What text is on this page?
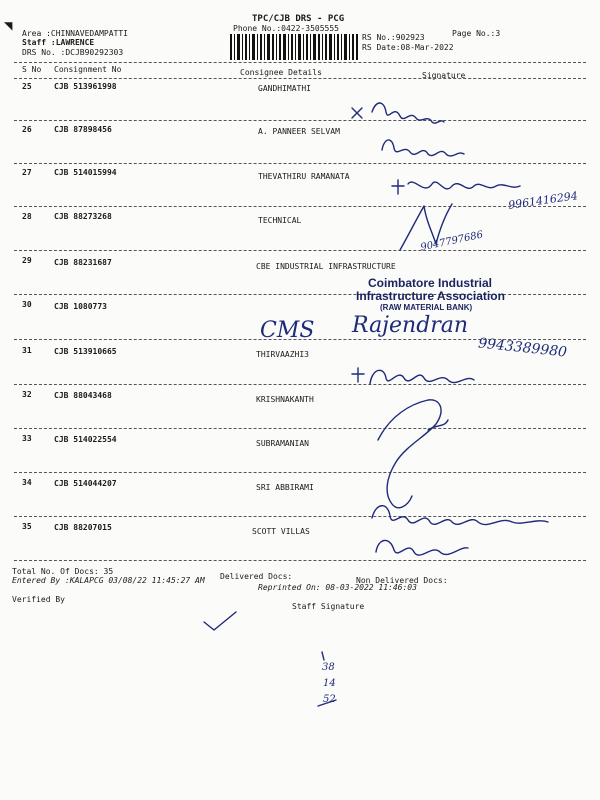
◥	TPC/CJB DRS - PCG
Phone No.:0422-3505555
Area :CHINNAVEDAMPATTI
Staff :LAWRENCE
DRS No. :DCJB90292303
RS No.:902923
RS Date:08-Mar-2022
Page No.:3
S No Consignment No	Consignee Details	Signature
25	CJB 513961998	GANDHIMATHI
26	CJB 87898456	A. PANNEER SELVAM
27	CJB 514015994	THEVATHIRU RAMANATA
28	CJB 88273268	TECHNICAL
29	CJB 88231687	CBE INDUSTRIAL INFRASTRUCTURE
30	CJB 1080773
31	CJB 513910665	THIRVAAZHI3
32	CJB 88043468	KRISHNAKANTH
33	CJB 514022554	SUBRAMANIAN
34	CJB 514044207	SRI ABBIRAMI
35	CJB 88207015	SCOTT VILLAS
Total No. Of Docs: 35
Entered By :KALAPCG 03/08/22 11:45:27 AM Delivered Docs:	Non Delivered Docs:
Reprinted On: 08-03-2022 11:46:03
Verified By
Staff Signature
Coimbatore Industrial
Infrastructure Association
(RAW MATERIAL BANK)
9961416294
9047797686
CMS Rajendran
9943389980
38
14
52
